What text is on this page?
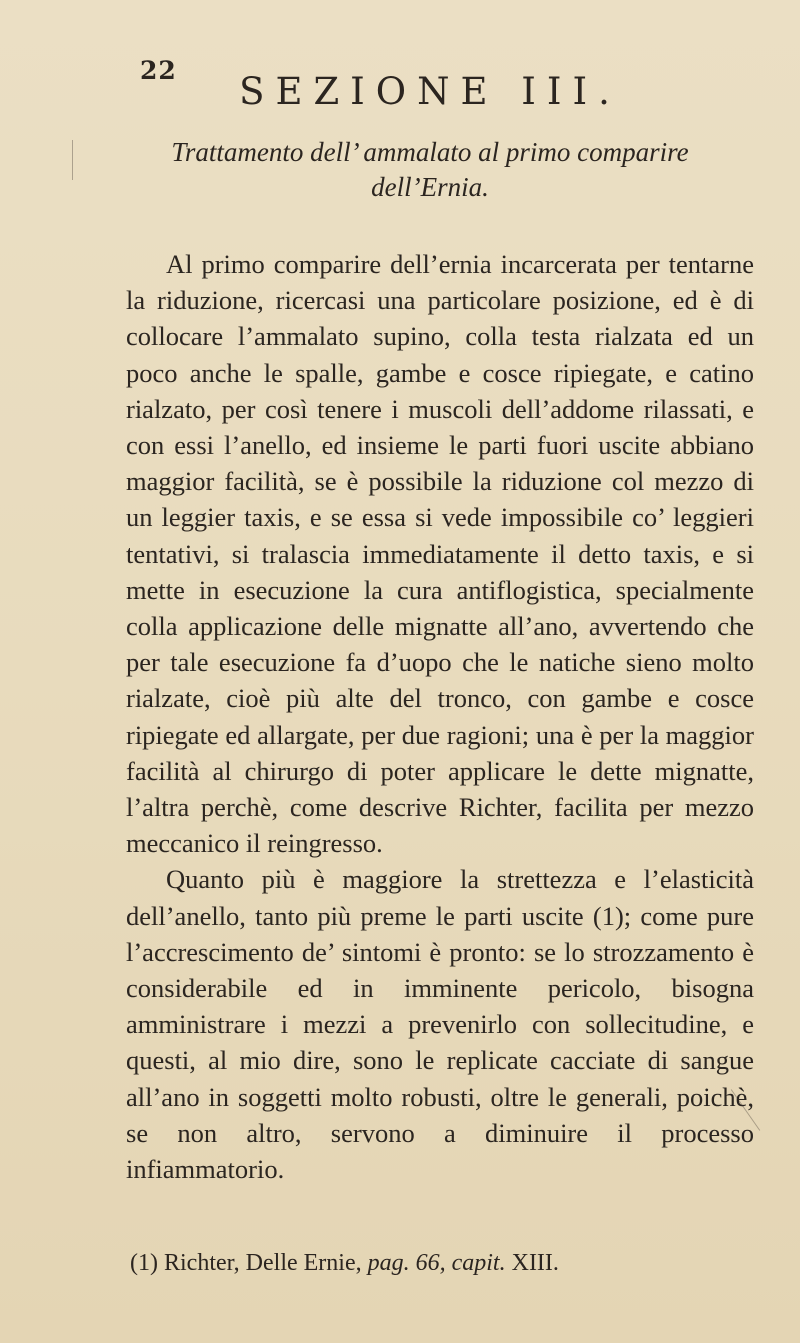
22	SEZIONE III.
Trattamento dell’ ammalato al primo comparire
dell’Ernia.

Al primo comparire dell’ernia incarcerata per tentarne la riduzione, ricercasi una particolare posizione, ed è di collocare l’ammalato supino, colla testa rialzata ed un poco anche le spalle, gambe e cosce ripiegate, e catino rialzato, per così tenere i muscoli dell’addome rilassati, e con essi l’anello, ed insieme le parti fuori uscite abbiano maggior facilità, se è possibile la riduzione col mezzo di un leggier taxis, e se essa si vede impossibile co’ leggieri tentativi, si tralascia immediatamente il detto taxis, e si mette in esecuzione la cura antiflogistica, specialmente colla applicazione delle mignatte all’ano, avvertendo che per tale esecuzione fa d’uopo che le natiche sieno molto rialzate, cioè più alte del tronco, con gambe e cosce ripiegate ed allargate, per due ragioni; una è per la maggior facilità al chirurgo di poter applicare le dette mignatte, l’altra perchè, come descrive Richter, facilita per mezzo meccanico il reingresso.

Quanto più è maggiore la strettezza e l’elasticità dell’anello, tanto più preme le parti uscite (1); come pure l’accrescimento de’ sintomi è pronto: se lo strozzamento è considerabile ed in imminente pericolo, bisogna amministrare i mezzi a prevenirlo con sollecitudine, e questi, al mio dire, sono le replicate cacciate di sangue all’ano in soggetti molto robusti, oltre le generali, poichè, se non altro, servono a diminuire il processo infiammatorio.

(1) Richter, Delle Ernie, pag. 66, capit. XIII.
